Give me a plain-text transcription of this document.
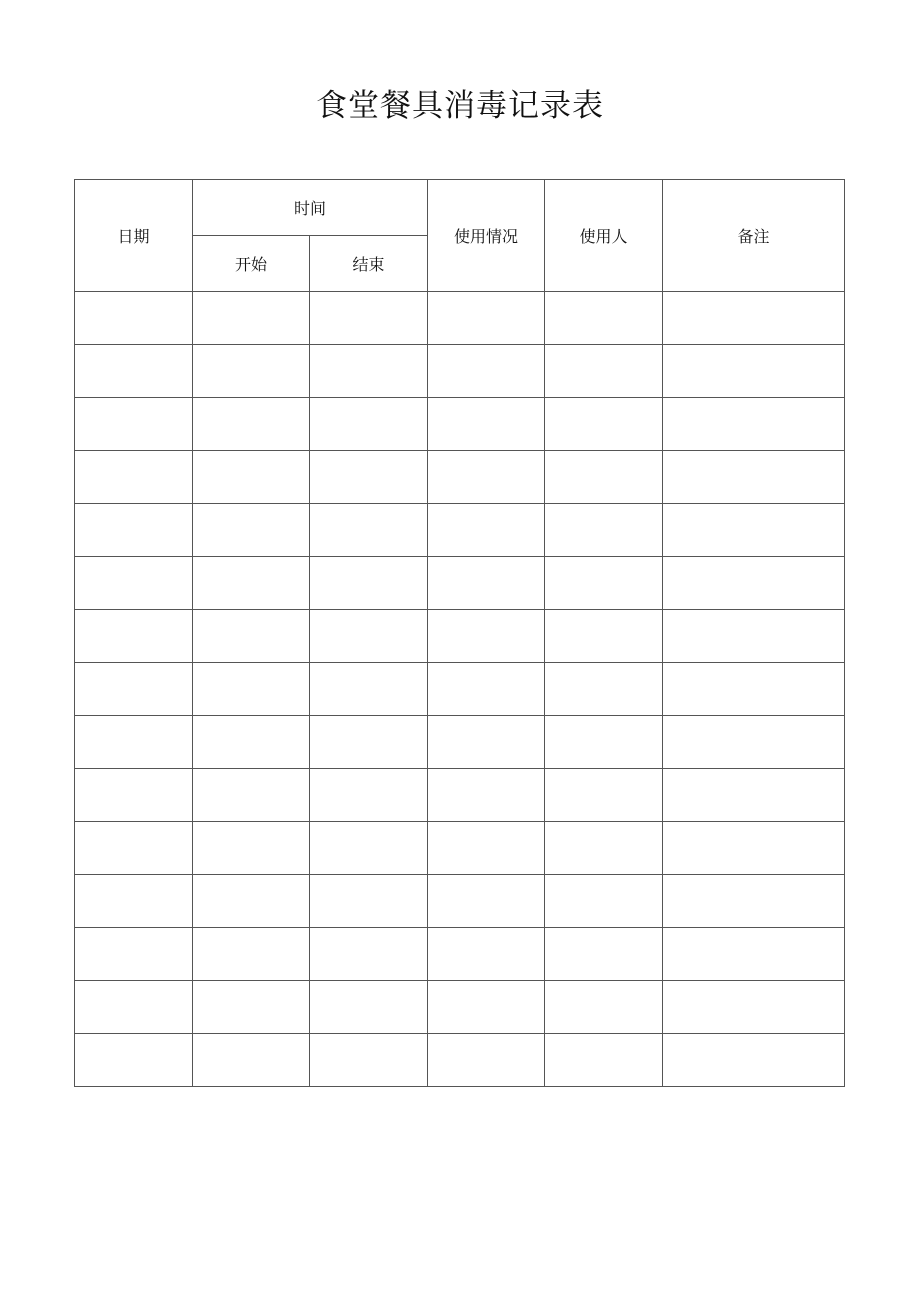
食堂餐具消毒记录表
日期	时间		使用情况	使用人	备注
	开始	结束			
